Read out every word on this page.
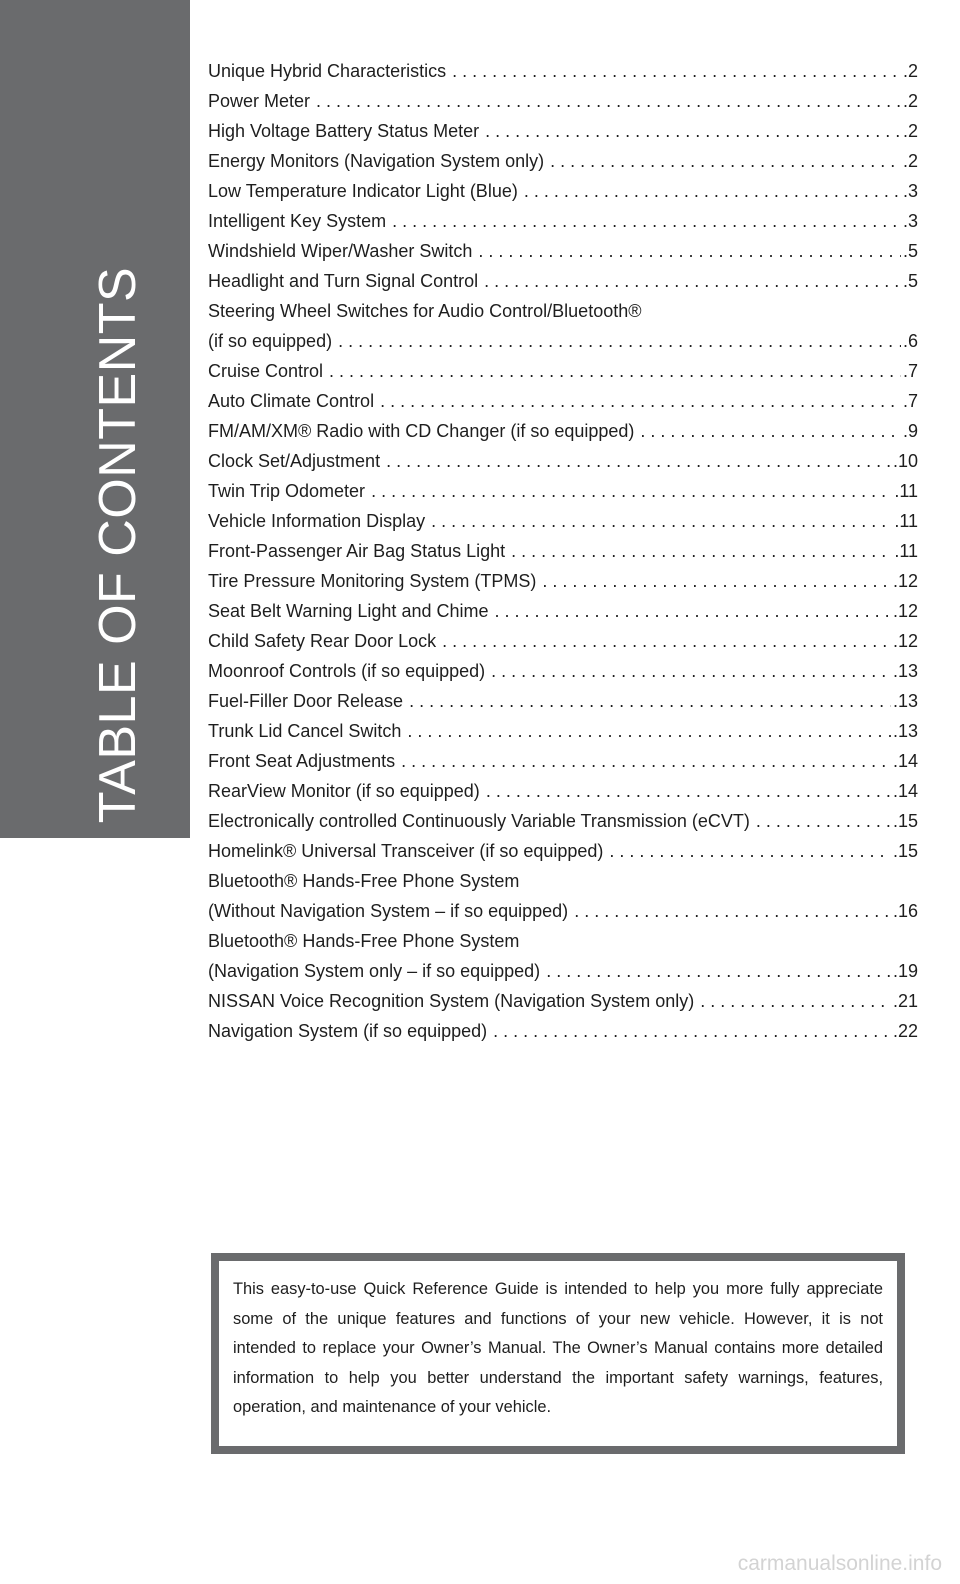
TABLE OF CONTENTS
Unique Hybrid Characteristics . . .	.2
Power Meter . . .	.2
High Voltage Battery Status Meter . . .	.2
Energy Monitors (Navigation System only) . . .	.2
Low Temperature Indicator Light (Blue) . . .	.3
Intelligent Key System . . .	.3
Windshield Wiper/Washer Switch . . .	.5
Headlight and Turn Signal Control . . .	.5
Steering Wheel Switches for Audio Control/Bluetooth®
(if so equipped) . . .	.6
Cruise Control . . .	.7
Auto Climate Control . . .	.7
FM/AM/XM® Radio with CD Changer (if so equipped) . . .	.9
Clock Set/Adjustment . . .	.10
Twin Trip Odometer . . .	.11
Vehicle Information Display . . .	.11
Front-Passenger Air Bag Status Light . . .	.11
Tire Pressure Monitoring System (TPMS) . . .	.12
Seat Belt Warning Light and Chime . . .	.12
Child Safety Rear Door Lock . . .	.12
Moonroof Controls (if so equipped) . . .	.13
Fuel-Filler Door Release . . .	.13
Trunk Lid Cancel Switch . . .	.13
Front Seat Adjustments . . .	.14
RearView Monitor (if so equipped) . . .	.14
Electronically controlled Continuously Variable Transmission (eCVT) . . .	.15
Homelink® Universal Transceiver (if so equipped) . . .	.15
Bluetooth® Hands-Free Phone System
(Without Navigation System – if so equipped) . . .	.16
Bluetooth® Hands-Free Phone System
(Navigation System only – if so equipped) . . .	.19
NISSAN Voice Recognition System (Navigation System only) . . .	.21
Navigation System (if so equipped) . . .	.22

This easy-to-use Quick Reference Guide is intended to help you more fully appreciate some of the unique features and functions of your new vehicle. However, it is not intended to replace your Owner’s Manual. The Owner’s Manual contains more detailed information to help you better understand the important safety warnings, features, operation, and maintenance of your vehicle.

carmanualsonline.info
